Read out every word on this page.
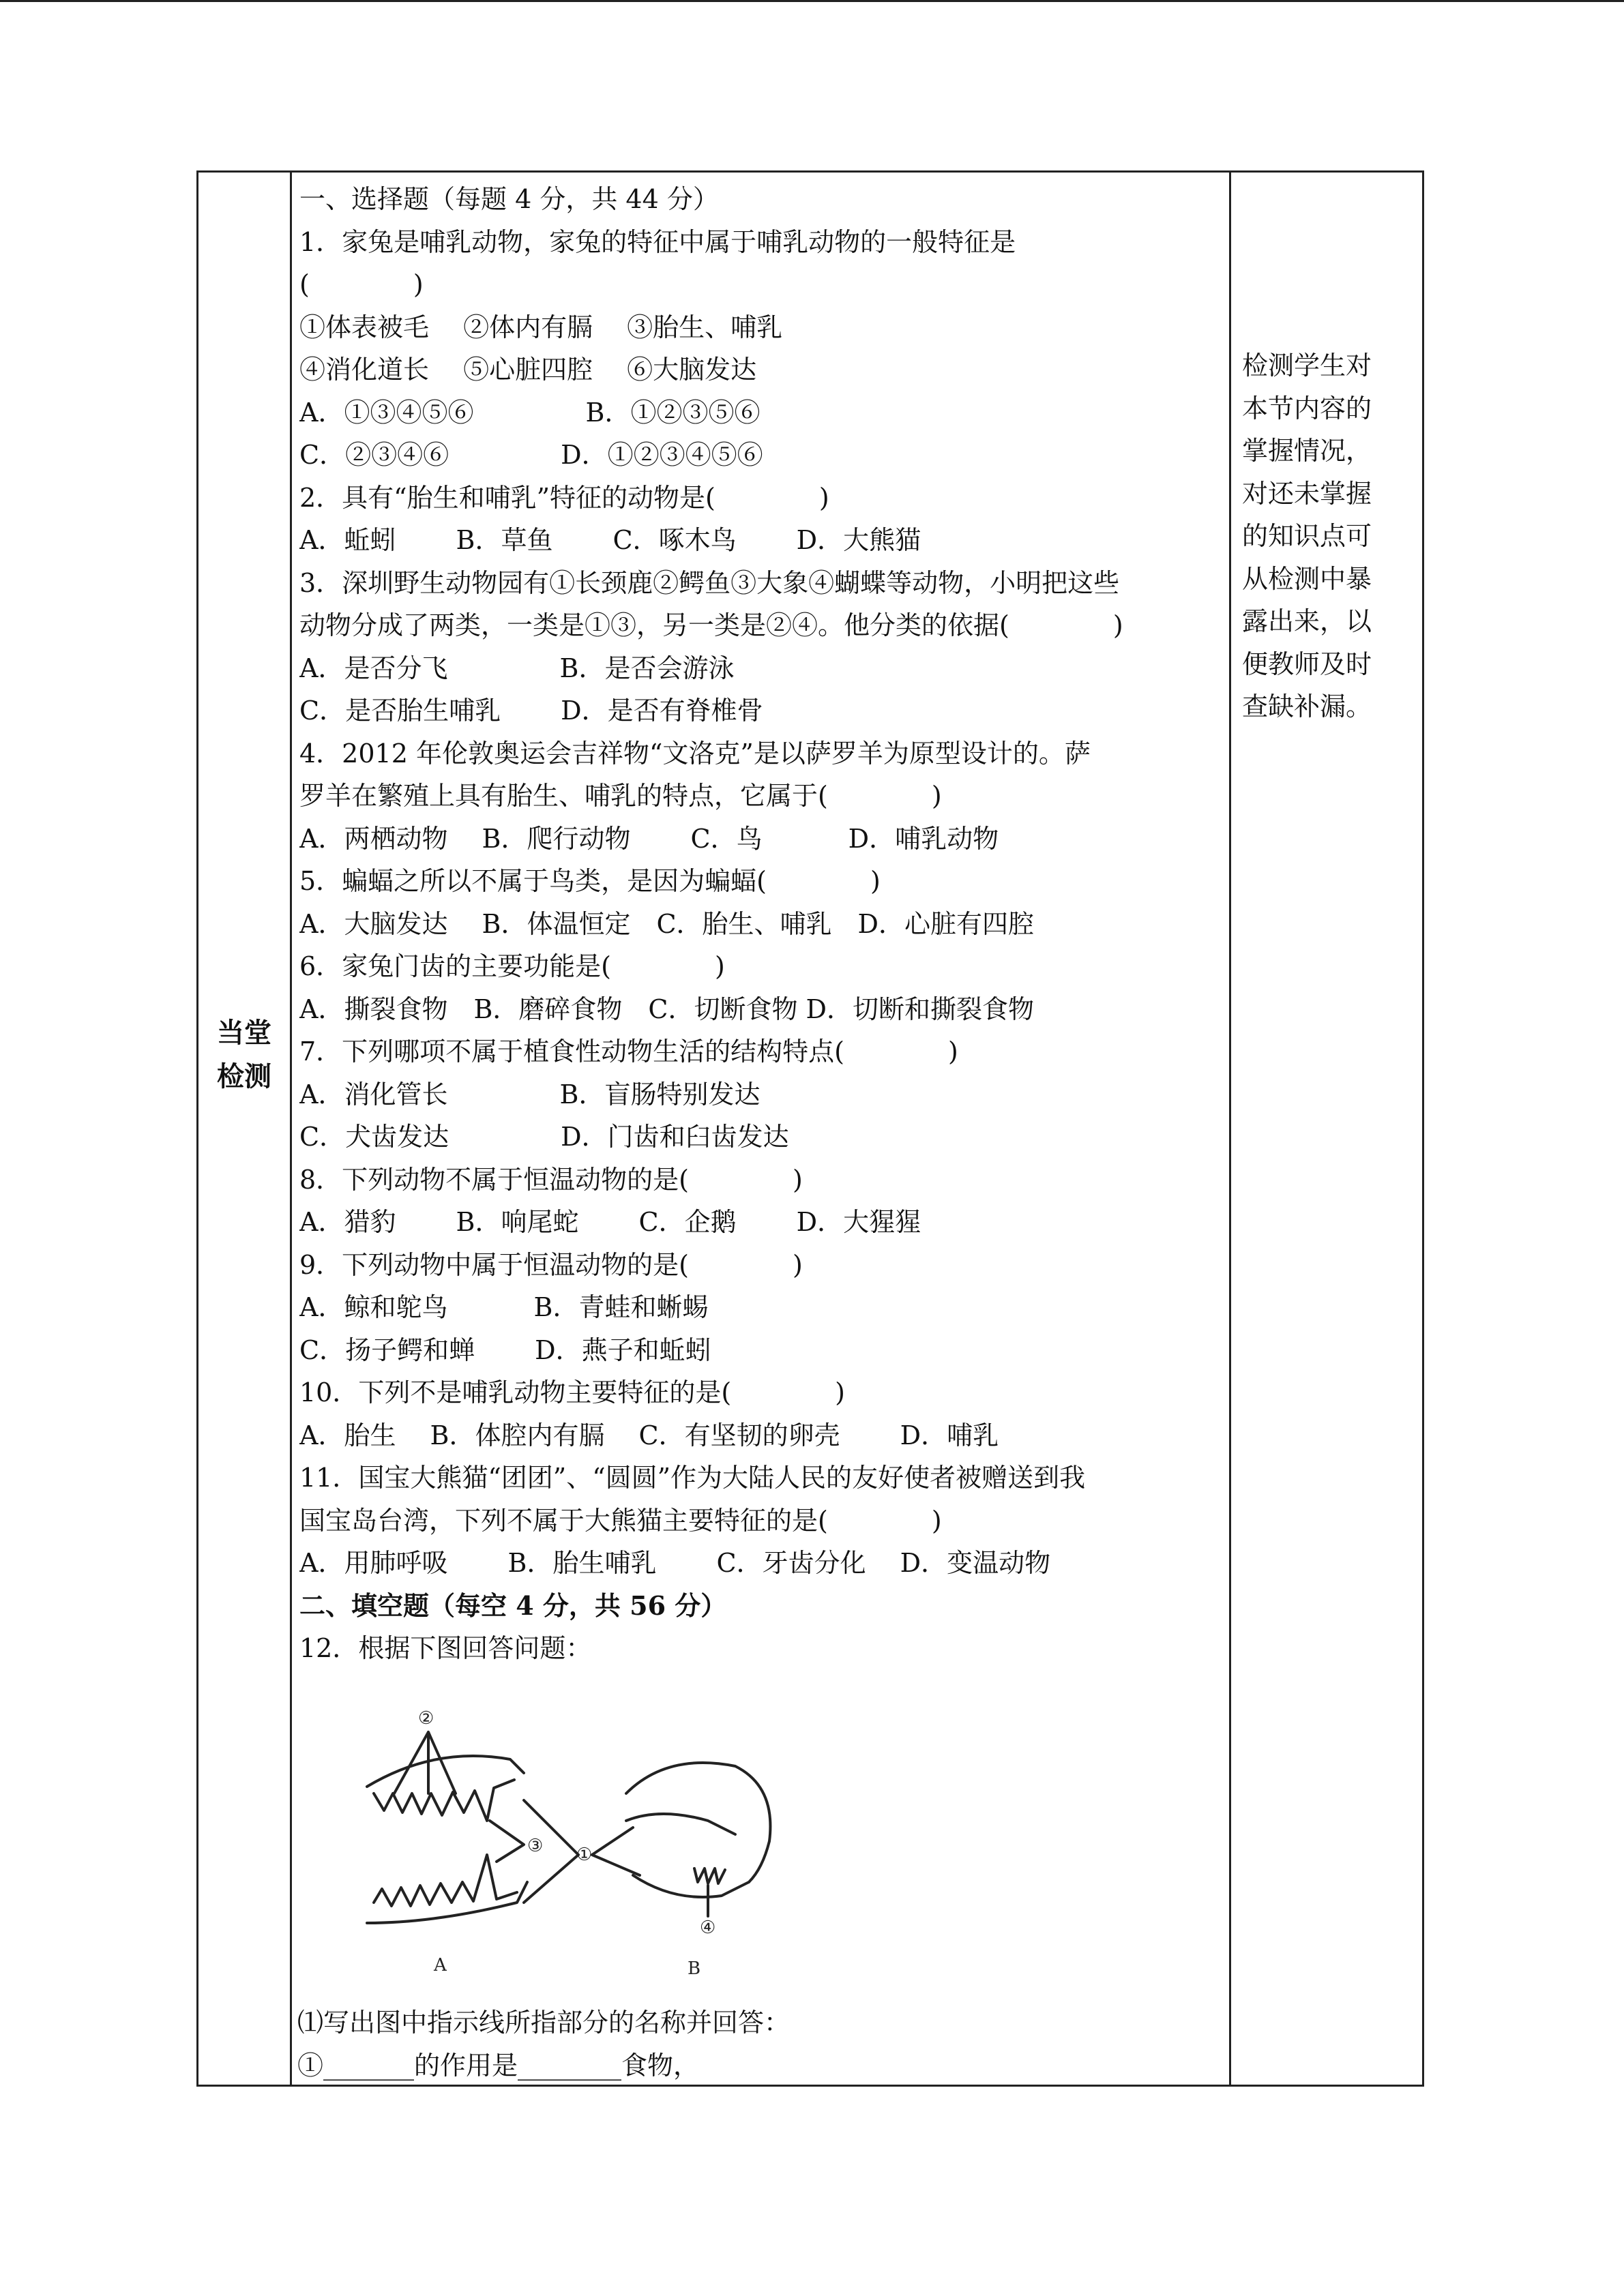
当堂
检测
一、选择题（每题 4 分，共 44 分）
1．家兔是哺乳动物，家兔的特征中属于哺乳动物的一般特征是
(　　　　)
①体表被毛　 ②体内有膈　 ③胎生、哺乳
④消化道长　 ⑤心脏四腔　 ⑥大脑发达
A．①③④⑤⑥　　　　 B．①②③⑤⑥
C．②③④⑥　　　　 D．①②③④⑤⑥
2．具有“胎生和哺乳”特征的动物是(　　　　)
A．蚯蚓　　 B．草鱼　　 C．啄木鸟　　 D．大熊猫
3．深圳野生动物园有①长颈鹿②鳄鱼③大象④蝴蝶等动物，小明把这些
动物分成了两类，一类是①③，另一类是②④。他分类的依据(　　　　)
A．是否分飞　　　　 B．是否会游泳
C．是否胎生哺乳　　 D．是否有脊椎骨
4．2012 年伦敦奥运会吉祥物“文洛克”是以萨罗羊为原型设计的。萨
罗羊在繁殖上具有胎生、哺乳的特点，它属于(　　　　)
A．两栖动物　 B．爬行动物　　 C．鸟　　　 D．哺乳动物
5．蝙蝠之所以不属于鸟类，是因为蝙蝠(　　　　)
A．大脑发达　 B．体温恒定　C．胎生、哺乳　D．心脏有四腔
6．家兔门齿的主要功能是(　　　　)
A．撕裂食物　B．磨碎食物　C．切断食物 D．切断和撕裂食物
7．下列哪项不属于植食性动物生活的结构特点(　　　　)
A．消化管长　　　　 B．盲肠特别发达
C．犬齿发达　　　　 D．门齿和臼齿发达
8．下列动物不属于恒温动物的是(　　　　)
A．猎豹　　 B．响尾蛇　　 C．企鹅　　 D．大猩猩
9．下列动物中属于恒温动物的是(　　　　)
A．鲸和鸵鸟　　　 B．青蛙和蜥蜴
C．扬子鳄和蝉　　 D．燕子和蚯蚓
10．下列不是哺乳动物主要特征的是(　　　　)
A．胎生　 B．体腔内有膈　 C．有坚韧的卵壳　　 D．哺乳
11．国宝大熊猫“团团”、“圆圆”作为大陆人民的友好使者被赠送到我
国宝岛台湾，下列不属于大熊猫主要特征的是(　　　　)
A．用肺呼吸　　 B．胎生哺乳　　 C．牙齿分化　 D．变温动物
二、填空题（每空 4 分，共 56 分）
12．根据下图回答问题：
检测学生对
本节内容的
掌握情况，
对还未掌握
的知识点可
从检测中暴
露出来，以
便教师及时
查缺补漏。
②
③ ①
④
A	B
⑴写出图中指示线所指部分的名称并回答：
①_______的作用是________食物，
